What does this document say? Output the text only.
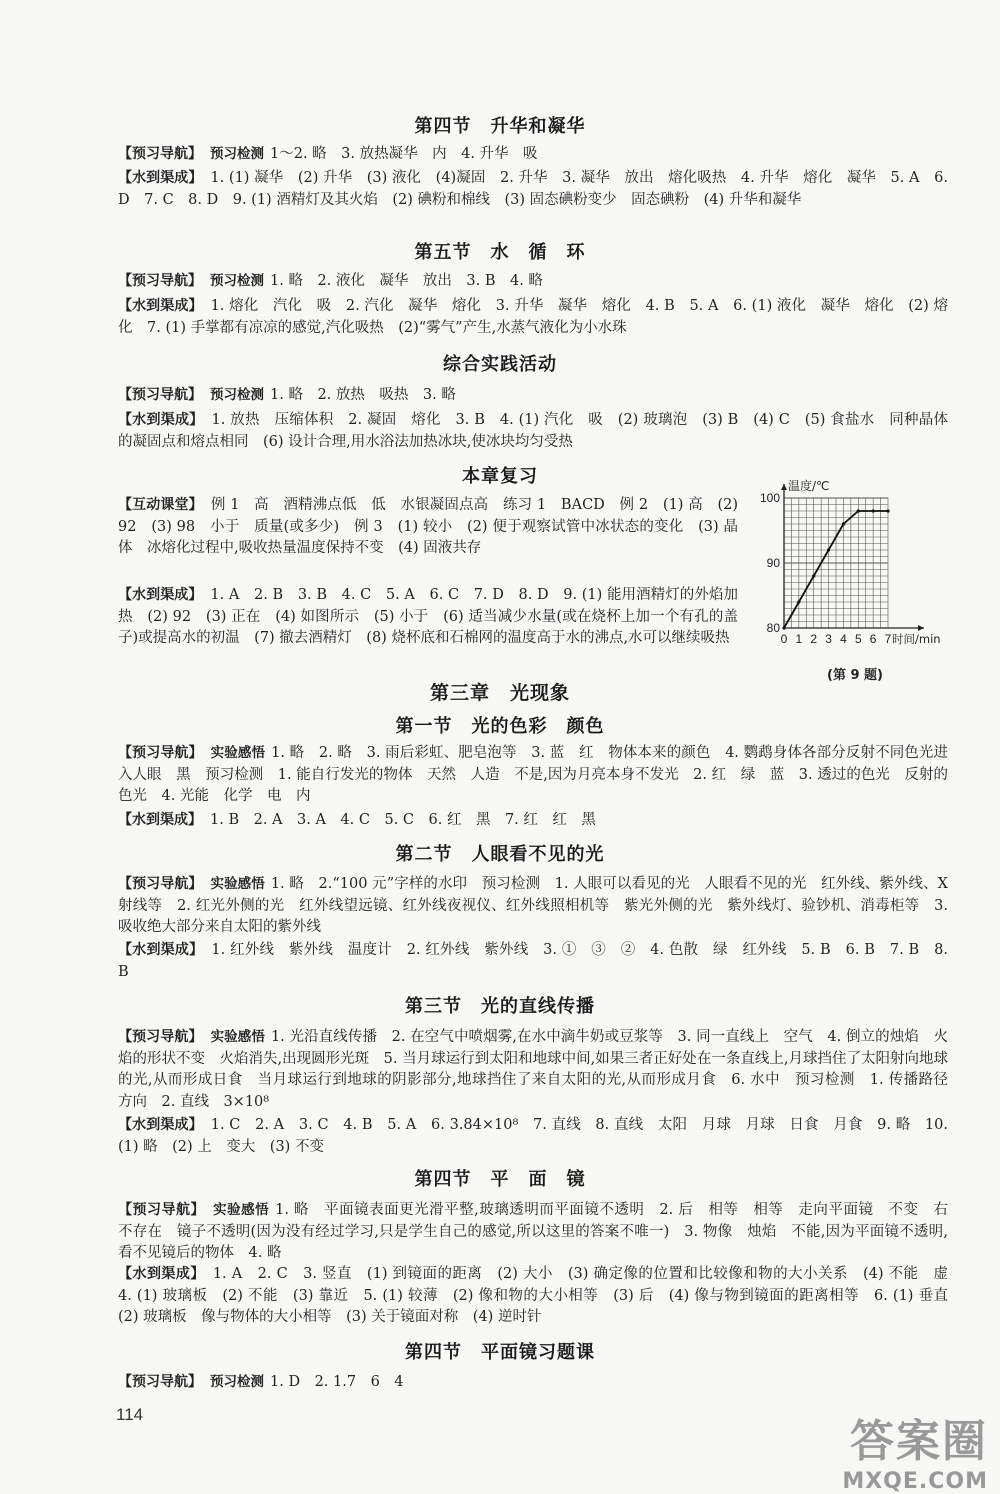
第四节　升华和凝华
【预习导航】 预习检测 1～2. 略　3. 放热凝华　内　4. 升华　吸
【水到渠成】 1. (1) 凝华　(2) 升华　(3) 液化　(4)凝固　2. 升华　3. 凝华　放出　熔化吸热　4. 升华　熔化　凝华　5. A　6. D　7. C　8. D　9. (1) 酒精灯及其火焰　(2) 碘粉和棉线　(3) 固态碘粉变少　固态碘粉　(4) 升华和凝华
第五节　水　循　环
【预习导航】 预习检测 1. 略　2. 液化　凝华　放出　3. B　4. 略
【水到渠成】 1. 熔化　汽化　吸　2. 汽化　凝华　熔化　3. 升华　凝华　熔化　4. B　5. A　6. (1) 液化　凝华　熔化　(2) 熔化　7. (1) 手掌都有凉凉的感觉,汽化吸热　(2)“雾气”产生,水蒸气液化为小水珠
综合实践活动
【预习导航】 预习检测 1. 略　2. 放热　吸热　3. 略
【水到渠成】 1. 放热　压缩体积　2. 凝固　熔化　3. B　4. (1) 汽化　吸　(2) 玻璃泡　(3) B　(4) C　(5) 食盐水　同种晶体的凝固点和熔点相同　(6) 设计合理,用水浴法加热冰块,使冰块均匀受热
本章复习
【互动课堂】 例 1　高　酒精沸点低　低　水银凝固点高　练习 1　BACD　例 2　(1) 高　(2) 92　(3) 98　小于　质量(或多少)　例 3　(1) 较小　(2) 便于观察试管中冰状态的变化　(3) 晶体　冰熔化过程中,吸收热量温度保持不变　(4) 固液共存
【水到渠成】 1. A　2. B　3. B　4. C　5. A　6. C　7. D　8. D　9. (1) 能用酒精灯的外焰加热　(2) 92　(3) 正在　(4) 如图所示　(5) 小于　(6) 适当减少水量(或在烧杯上加一个有孔的盖子)或提高水的初温　(7) 撤去酒精灯　(8) 烧杯底和石棉网的温度高于水的沸点,水可以继续吸热
80
90
100
0 1 2 3 4 5 6 7
温度/℃
时间/min
(第 9 题)
第三章　光现象
第一节　光的色彩　颜色
【预习导航】 实验感悟 1. 略　2. 略　3. 雨后彩虹、肥皂泡等　3. 蓝　红　物体本来的颜色　4. 鹦鹉身体各部分反射不同色光进入人眼　黑　预习检测　1. 能自行发光的物体　天然　人造　不是,因为月亮本身不发光　2. 红　绿　蓝　3. 透过的色光　反射的色光　4. 光能　化学　电　内
【水到渠成】 1. B　2. A　3. A　4. C　5. C　6. 红　黑　7. 红　红　黑
第二节　人眼看不见的光
【预习导航】 实验感悟 1. 略　2.“100 元”字样的水印　预习检测　1. 人眼可以看见的光　人眼看不见的光　红外线、紫外线、X 射线等　2. 红光外侧的光　红外线望远镜、红外线夜视仪、红外线照相机等　紫光外侧的光　紫外线灯、验钞机、消毒柜等　3. 吸收绝大部分来自太阳的紫外线
【水到渠成】 1. 红外线　紫外线　温度计　2. 红外线　紫外线　3. ①　③　②　4. 色散　绿　红外线　5. B　6. B　7. B　8. B
第三节　光的直线传播
【预习导航】 实验感悟 1. 光沿直线传播　2. 在空气中喷烟雾,在水中滴牛奶或豆浆等　3. 同一直线上　空气　4. 倒立的烛焰　火焰的形状不变　火焰消失,出现圆形光斑　5. 当月球运行到太阳和地球中间,如果三者正好处在一条直线上,月球挡住了太阳射向地球的光,从而形成日食　当月球运行到地球的阴影部分,地球挡住了来自太阳的光,从而形成月食　6. 水中　预习检测　1. 传播路径　方向　2. 直线　3×10⁸
【水到渠成】 1. C　2. A　3. C　4. B　5. A　6. 3.84×10⁸　7. 直线　8. 直线　太阳　月球　月球　日食　月食　9. 略　10. (1) 略　(2) 上　变大　(3) 不变
第四节　平　面　镜
【预习导航】 实验感悟 1. 略　平面镜表面更光滑平整,玻璃透明而平面镜不透明　2. 后　相等　相等　走向平面镜　不变　右　不存在　镜子不透明(因为没有经过学习,只是学生自己的感觉,所以这里的答案不唯一)　3. 物像　烛焰　不能,因为平面镜不透明,看不见镜后的物体　4. 略
【水到渠成】 1. A　2. C　3. 竖直　(1) 到镜面的距离　(2) 大小　(3) 确定像的位置和比较像和物的大小关系　(4) 不能　虚　4. (1) 玻璃板　(2) 不能　(3) 靠近　5. (1) 较薄　(2) 像和物的大小相等　(3) 后　(4) 像与物到镜面的距离相等　6. (1) 垂直　(2) 玻璃板　像与物体的大小相等　(3) 关于镜面对称　(4) 逆时针
第四节　平面镜习题课
【预习导航】 预习检测 1. D　2. 1.7　6　4
114
答案圈
MXQE.COM
